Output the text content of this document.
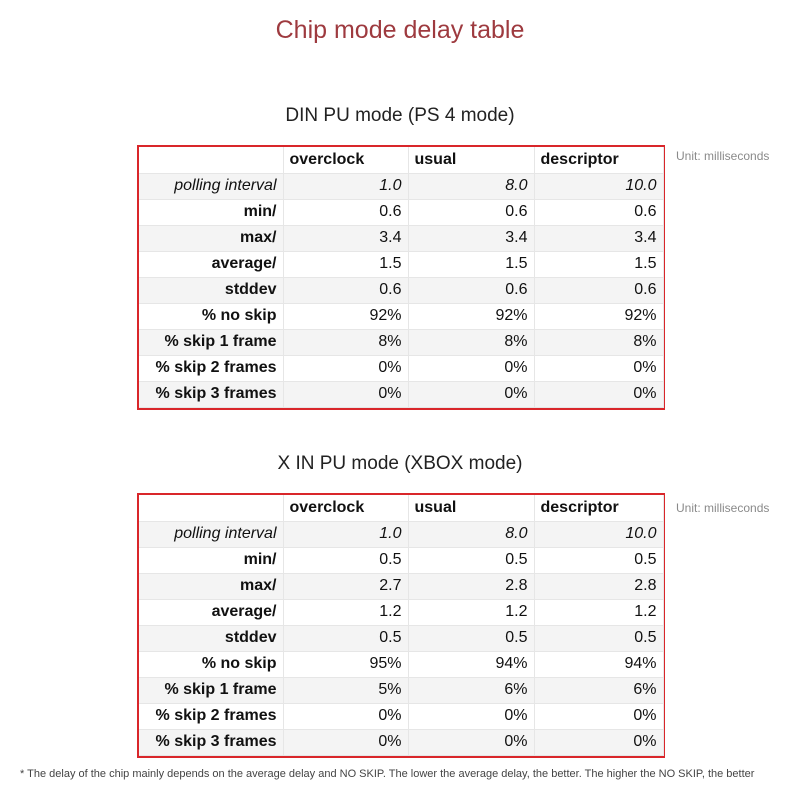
Chip mode delay table
DIN PU mode (PS 4 mode)
Unit: milliseconds
	overclock	usual	descriptor
polling interval	1.0	8.0	10.0
min/	0.6	0.6	0.6
max/	3.4	3.4	3.4
average/	1.5	1.5	1.5
stddev	0.6	0.6	0.6
% no skip	92%	92%	92%
% skip 1 frame	8%	8%	8%
% skip 2 frames	0%	0%	0%
% skip 3 frames	0%	0%	0%
X IN PU mode (XBOX mode)
Unit: milliseconds
	overclock	usual	descriptor
polling interval	1.0	8.0	10.0
min/	0.5	0.5	0.5
max/	2.7	2.8	2.8
average/	1.2	1.2	1.2
stddev	0.5	0.5	0.5
% no skip	95%	94%	94%
% skip 1 frame	5%	6%	6%
% skip 2 frames	0%	0%	0%
% skip 3 frames	0%	0%	0%
* The delay of the chip mainly depends on the average delay and NO SKIP. The lower the average delay, the better. The higher the NO SKIP, the better
